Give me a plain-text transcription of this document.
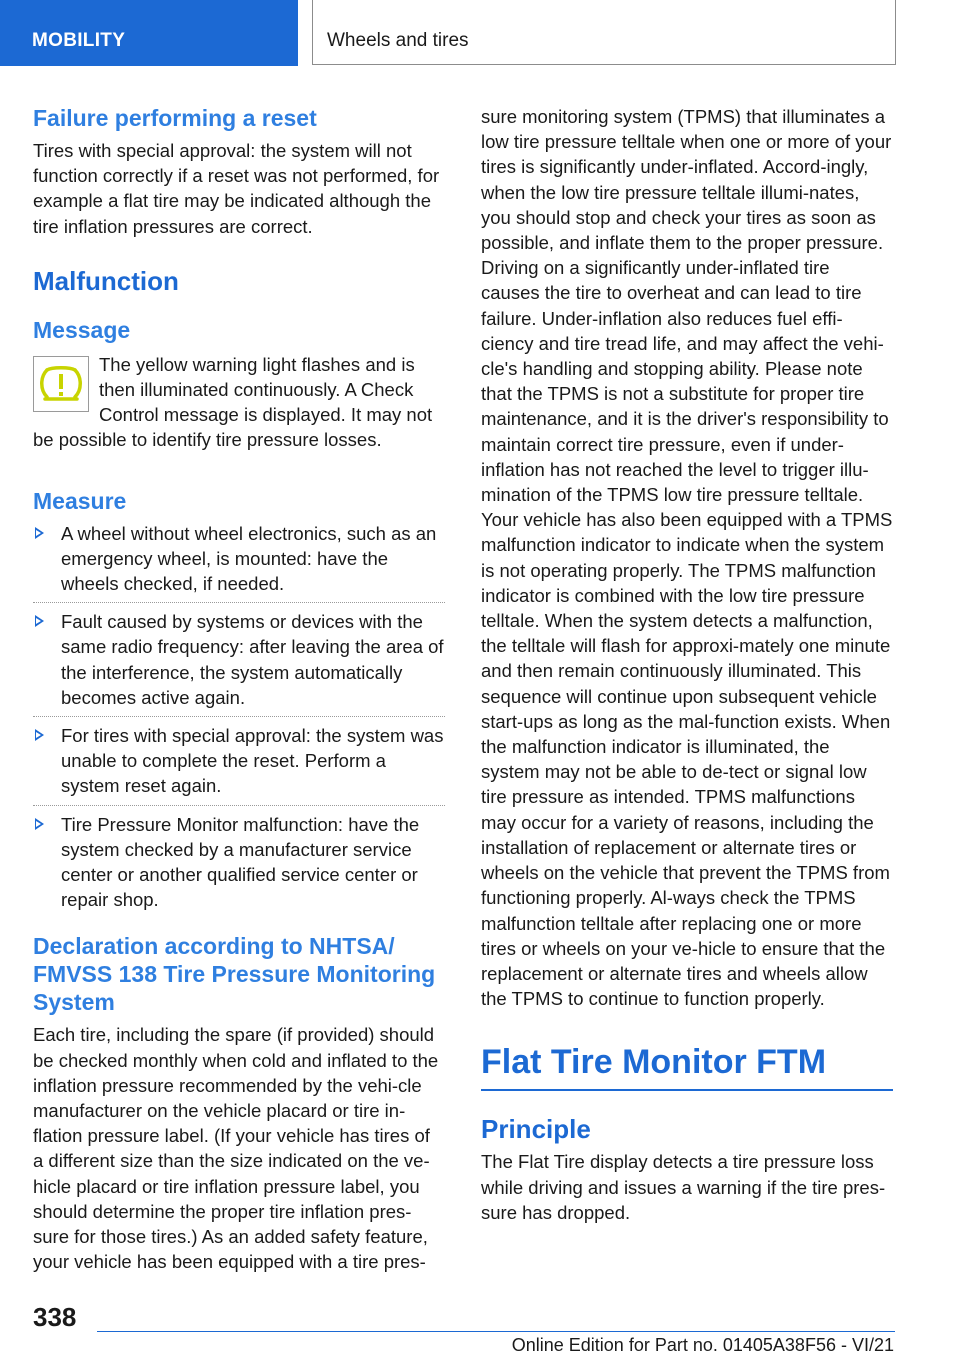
MOBILITY	Wheels and tires
Failure performing a reset

Tires with special approval: the system will not function correctly if a reset was not performed, for example a flat tire may be indicated although the tire inflation pressures are correct.

Malfunction
Message

The yellow warning light flashes and is then illuminated continuously. A Check Control message is displayed. It may not be possible to identify tire pressure losses.

Measure
A wheel without wheel electronics, such as an emergency wheel, is mounted: have the wheels checked, if needed.
Fault caused by systems or devices with the same radio frequency: after leaving the area of the interference, the system automatically becomes active again.
For tires with special approval: the system was unable to complete the reset. Perform a system reset again.
Tire Pressure Monitor malfunction: have the system checked by a manufacturer service center or another qualified service center or repair shop.
Declaration according to NHTSA/ FMVSS 138 Tire Pressure Monitoring System

Each tire, including the spare (if provided) should be checked monthly when cold and inflated to the inflation pressure recommended by the vehi-cle manufacturer on the vehicle placard or tire in-flation pressure label. (If your vehicle has tires of a different size than the size indicated on the ve-hicle placard or tire inflation pressure label, you should determine the proper tire inflation pres-sure for those tires.) As an added safety feature, your vehicle has been equipped with a tire pres-

sure monitoring system (TPMS) that illuminates a low tire pressure telltale when one or more of your tires is significantly under-inflated. Accord-ingly, when the low tire pressure telltale illumi-nates, you should stop and check your tires as soon as possible, and inflate them to the proper pressure. Driving on a significantly under-inflated tire causes the tire to overheat and can lead to tire failure. Under-inflation also reduces fuel effi-ciency and tire tread life, and may affect the vehi-cle's handling and stopping ability. Please note that the TPMS is not a substitute for proper tire maintenance, and it is the driver's responsibility to maintain correct tire pressure, even if under-inflation has not reached the level to trigger illu-mination of the TPMS low tire pressure telltale. Your vehicle has also been equipped with a TPMS malfunction indicator to indicate when the system is not operating properly. The TPMS malfunction indicator is combined with the low tire pressure telltale. When the system detects a malfunction, the telltale will flash for approxi-mately one minute and then remain continuously illuminated. This sequence will continue upon subsequent vehicle start-ups as long as the mal-function exists. When the malfunction indicator is illuminated, the system may not be able to de-tect or signal low tire pressure as intended. TPMS malfunctions may occur for a variety of reasons, including the installation of replacement or alternate tires or wheels on the vehicle that prevent the TPMS from functioning properly. Al-ways check the TPMS malfunction telltale after replacing one or more tires or wheels on your ve-hicle to ensure that the replacement or alternate tires and wheels allow the TPMS to continue to function properly.

Flat Tire Monitor FTM
Principle

The Flat Tire display detects a tire pressure loss while driving and issues a warning if the tire pres-sure has dropped.

338
Online Edition for Part no. 01405A38F56 - VI/21
